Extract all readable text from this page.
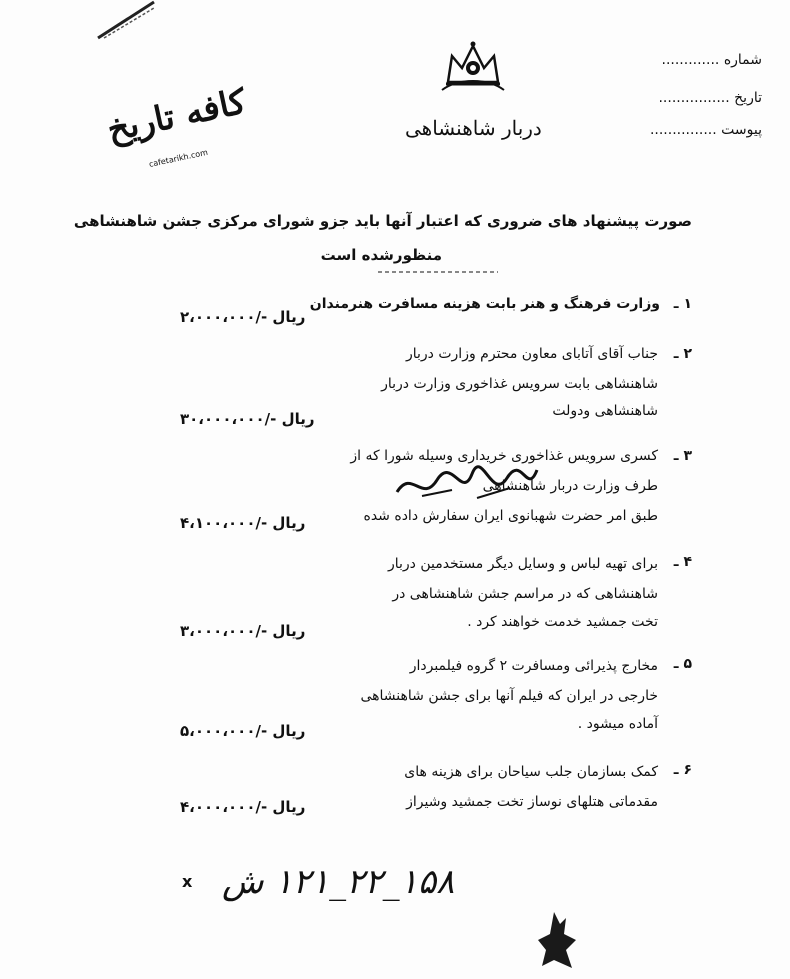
شماره .............
تاریخ ................
پیوست ...............
دربار شاهنشاهی
کافه تاریخ
cafetarikh.com
صورت پیشنهاد های ضروری که اعتبار آنها باید جزو شورای مرکزی جشن شاهنشاهی
منظورشده است
۱ ـ
وزارت فرهنگ و هنر بابت هزینه مسافرت هنرمندان
۲،۰۰۰،۰۰۰/- ریال
۲ ـ
جناب آقای آتابای معاون محترم وزارت دربار
شاهنشاهی بابت سرویس غذاخوری وزارت دربار
شاهنشاهی ودولت
۳۰،۰۰۰،۰۰۰/- ریال
۳ ـ
کسری سرویس غذاخوری خریداری وسیله شورا که از
طرف وزارت دربار شاهنشاهی
طبق امر حضرت شهبانوی ایران سفارش داده شده
۴،۱۰۰،۰۰۰/- ریال
۴ ـ
برای تهیه لباس و وسایل دیگر مستخدمین دربار
شاهنشاهی که در مراسم جشن شاهنشاهی در
تخت جمشید خدمت خواهند کرد .
۳،۰۰۰،۰۰۰/- ریال
۵ ـ
مخارج پذیرائی ومسافرت ۲ گروه فیلمبردار
خارجی در ایران که فیلم آنها برای جشن شاهنشاهی
آماده میشود .
۵،۰۰۰،۰۰۰/- ریال
۶ ـ
کمک بسازمان جلب سیاحان برای هزینه های
مقدماتی هتلهای نوساز تخت جمشید وشیراز
۴،۰۰۰،۰۰۰/- ریال
x ۱۵۸_۲۲_۱۲۱ ش
